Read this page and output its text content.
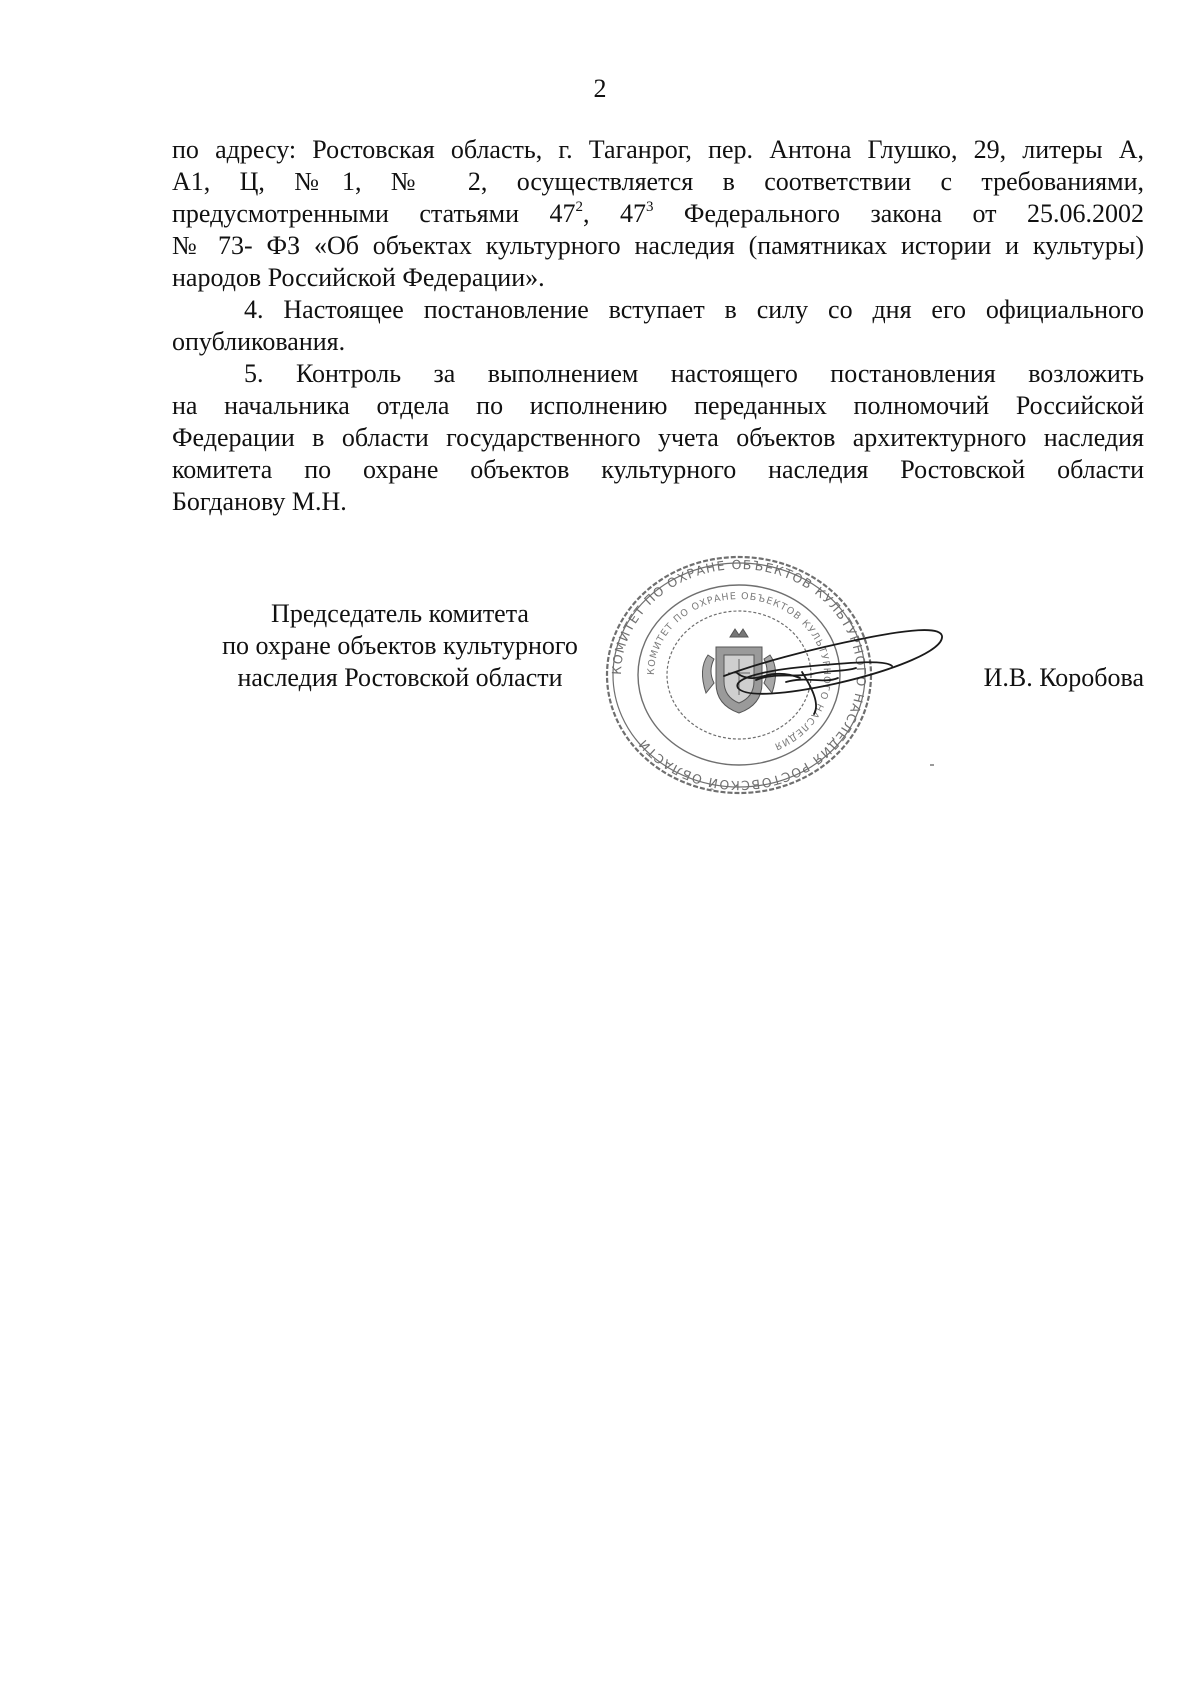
2
по адресу: Ростовская область, г. Таганрог, пер. Антона Глушко, 29, литеры А,
А1, Ц, №1, № 2, осуществляется в соответствии с требованиями,
предусмотренными статьями $47^2$, $47^3$ Федерального закона от 25.06.2002
№ 73- ФЗ «Об объектах культурного наследия (памятниках истории и культуры)
народов Российской Федерации».
4. Настоящее постановление вступает в силу со дня его официального
опубликования.
5. Контроль за выполнением настоящего постановления возложить
на начальника отдела по исполнению переданных полномочий Российской
Федерации в области государственного учета объектов архитектурного наследия
комитета по охране объектов культурного наследия Ростовской области
Богданову М.Н.
Председатель комитета
по охране объектов культурного
наследия Ростовской области	КОМИТЕТ ПО ОХРАНЕ ОБЪЕКТОВ КУЛЬТУРНОГО НАСЛЕДИЯ РОСТОВСКОЙ ОБЛАСТИ
КОМИТЕТ ПО ОХРАНЕ ОБЪЕКТОВ КУЛЬТУРНОГО НАСЛЕДИЯ
И.В. Коробова
